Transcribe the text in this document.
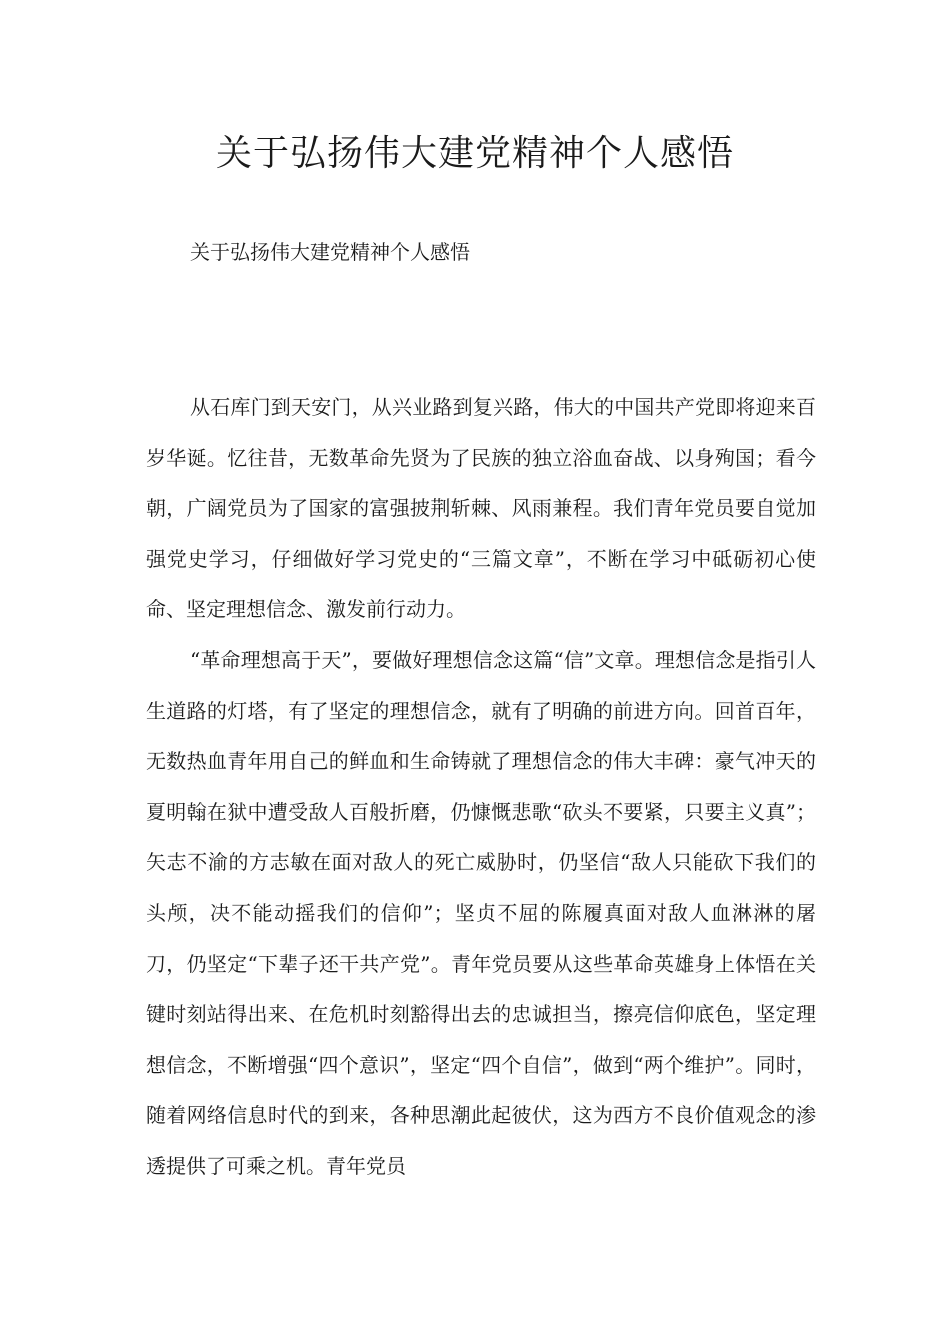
关于弘扬伟大建党精神个人感悟
关于弘扬伟大建党精神个人感悟

从石库门到天安门，从兴业路到复兴路，伟大的中国共产党即将迎来百岁华诞。忆往昔，无数革命先贤为了民族的独立浴血奋战、以身殉国；看今朝，广阔党员为了国家的富强披荆斩棘、风雨兼程。我们青年党员要自觉加强党史学习，仔细做好学习党史的“三篇文章”，不断在学习中砥砺初心使命、坚定理想信念、激发前行动力。

“革命理想高于天”，要做好理想信念这篇“信”文章。理想信念是指引人生道路的灯塔，有了坚定的理想信念，就有了明确的前进方向。回首百年，无数热血青年用自己的鲜血和生命铸就了理想信念的伟大丰碑：豪气冲天的夏明翰在狱中遭受敌人百般折磨，仍慷慨悲歌“砍头不要紧，只要主义真”；矢志不渝的方志敏在面对敌人的死亡威胁时，仍坚信“敌人只能砍下我们的头颅，决不能动摇我们的信仰”；坚贞不屈的陈履真面对敌人血淋淋的屠刀，仍坚定“下辈子还干共产党”。青年党员要从这些革命英雄身上体悟在关键时刻站得出来、在危机时刻豁得出去的忠诚担当，擦亮信仰底色，坚定理想信念，不断增强“四个意识”，坚定“四个自信”，做到“两个维护”。同时，随着网络信息时代的到来，各种思潮此起彼伏，这为西方不良价值观念的渗透提供了可乘之机。青年党员
